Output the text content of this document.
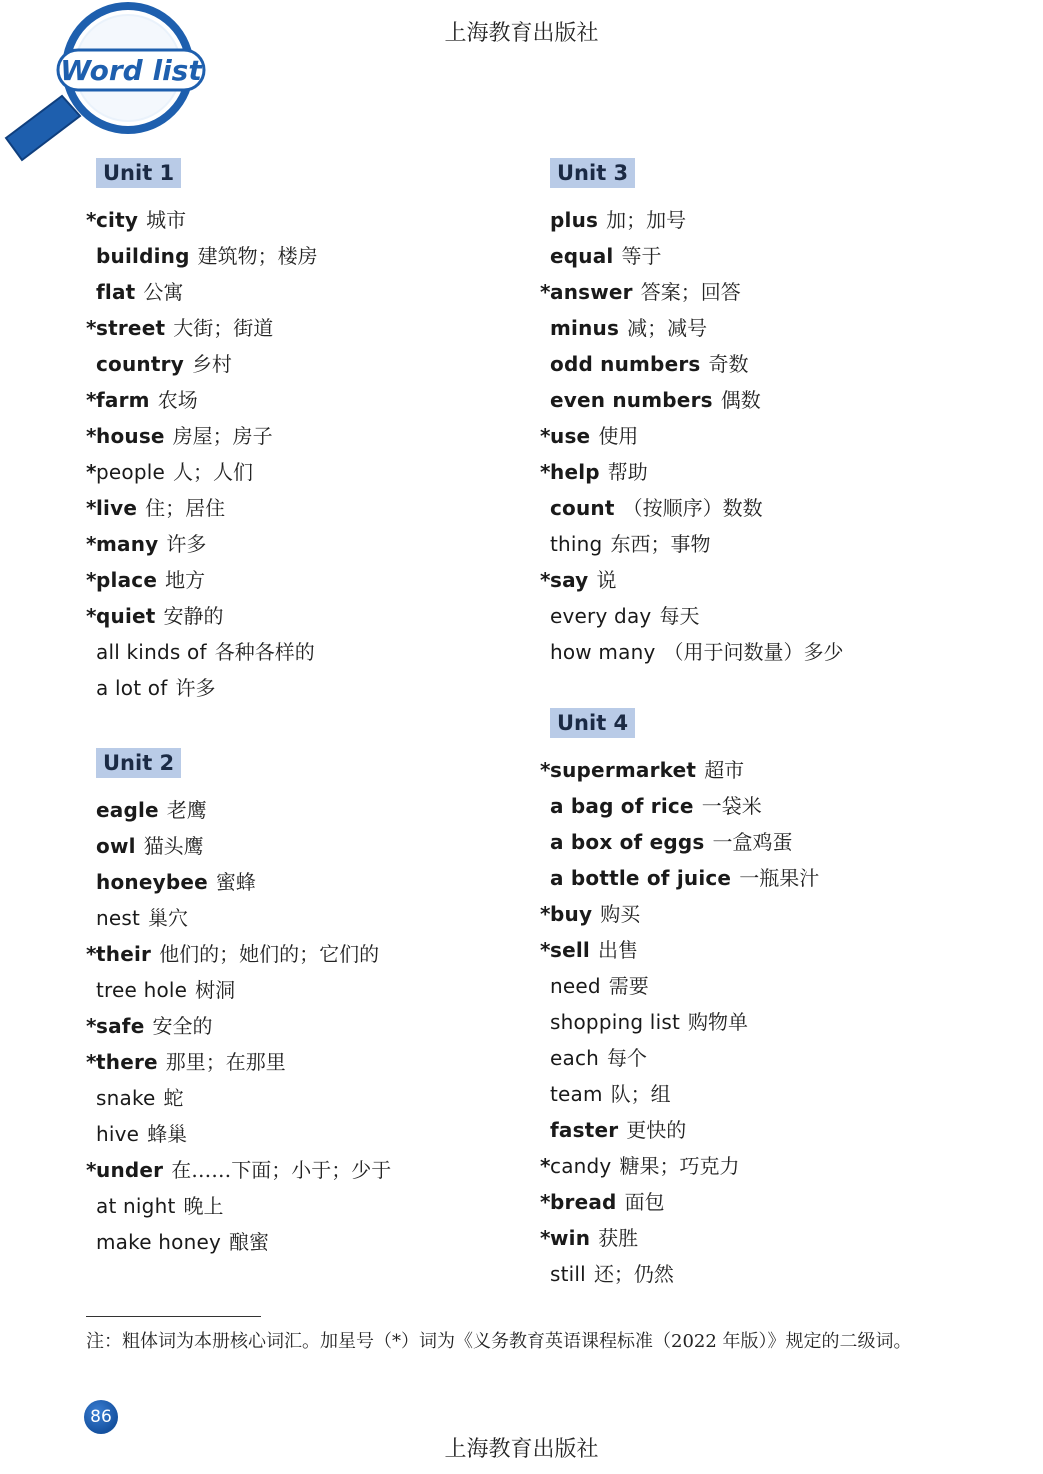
上海教育出版社
Word list
Unit 1
*city 城市
building 建筑物；楼房
flat 公寓
*street 大街；街道
country 乡村
*farm 农场
*house 房屋；房子
*people 人；人们
*live 住；居住
*many 许多
*place 地方
*quiet 安静的
all kinds of 各种各样的
a lot of 许多
Unit 2
eagle 老鹰
owl 猫头鹰
honeybee 蜜蜂
nest 巢穴
*their 他们的；她们的；它们的
tree hole 树洞
*safe 安全的
*there 那里；在那里
snake 蛇
hive 蜂巢
*under 在……下面；小于；少于
at night 晚上
make honey 酿蜜
Unit 3
plus 加；加号
equal 等于
*answer 答案；回答
minus 减；减号
odd numbers 奇数
even numbers 偶数
*use 使用
*help 帮助
count （按顺序）数数
thing 东西；事物
*say 说
every day 每天
how many （用于问数量）多少
Unit 4
*supermarket 超市
a bag of rice 一袋米
a box of eggs 一盒鸡蛋
a bottle of juice 一瓶果汁
*buy 购买
*sell 出售
need 需要
shopping list 购物单
each 每个
team 队；组
faster 更快的
*candy 糖果；巧克力
*bread 面包
*win 获胜
still 还；仍然
注：粗体词为本册核心词汇。加星号（*）词为《义务教育英语课程标准（2022 年版）》规定的二级词。
86
上海教育出版社
